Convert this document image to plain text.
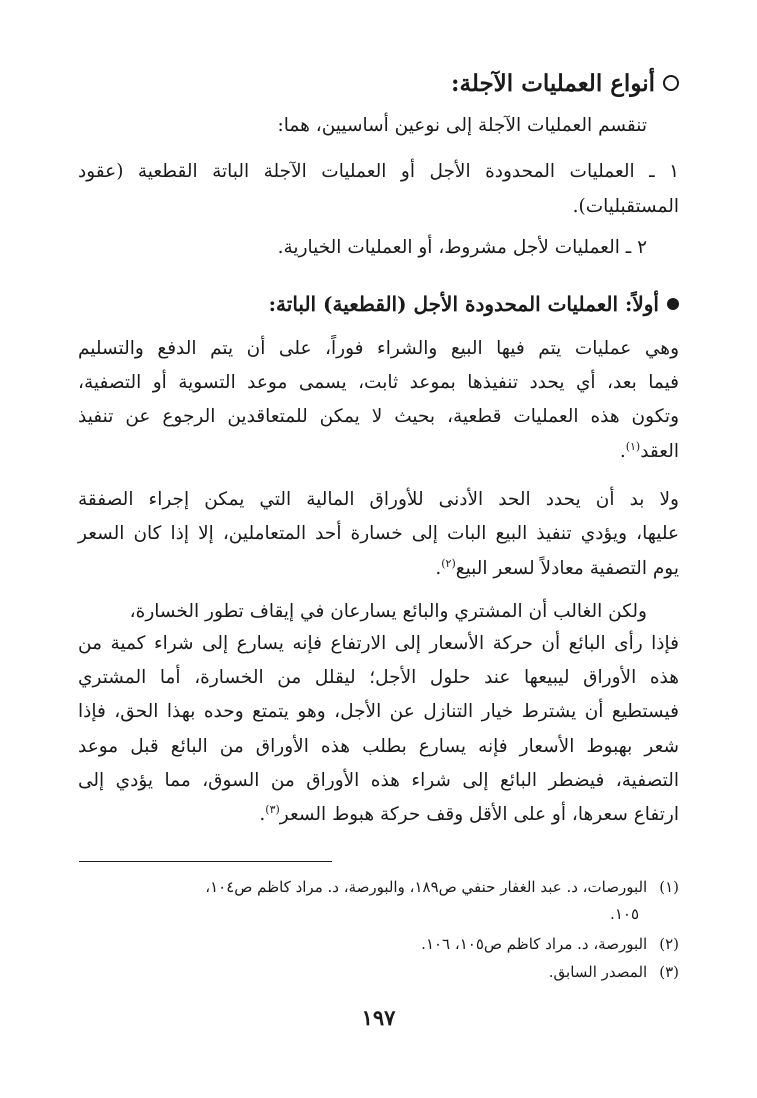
أنواع العمليات الآجلة:
تنقسم العمليات الآجلة إلى نوعين أساسيين، هما:
١ ـ العمليات المحدودة الأجل أو العمليات الآجلة الباتة القطعية (عقود
المستقبليات).
٢ ـ العمليات لأجل مشروط، أو العمليات الخيارية.
أولاً: العمليات المحدودة الأجل (القطعية) الباتة:
وهي عمليات يتم فيها البيع والشراء فوراً، على أن يتم الدفع والتسليم
فيما بعد، أي يحدد تنفيذها بموعد ثابت، يسمى موعد التسوية أو التصفية،
وتكون هذه العمليات قطعية، بحيث لا يمكن للمتعاقدين الرجوع عن تنفيذ
العقد$^{(١)}$.
ولا بد أن يحدد الحد الأدنى للأوراق المالية التي يمكن إجراء الصفقة
عليها، ويؤدي تنفيذ البيع البات إلى خسارة أحد المتعاملين، إلا إذا كان السعر
يوم التصفية معادلاً لسعر البيع$^{(٢)}$.
ولكن الغالب أن المشتري والبائع يسارعان في إيقاف تطور الخسارة،
فإذا رأى البائع أن حركة الأسعار إلى الارتفاع فإنه يسارع إلى شراء كمية من
هذه الأوراق ليبيعها عند حلول الأجل؛ ليقلل من الخسارة، أما المشتري
فيستطيع أن يشترط خيار التنازل عن الأجل، وهو يتمتع وحده بهذا الحق، فإذا
شعر بهبوط الأسعار فإنه يسارع بطلب هذه الأوراق من البائع قبل موعد
التصفية، فيضطر البائع إلى شراء هذه الأوراق من السوق، مما يؤدي إلى
ارتفاع سعرها، أو على الأقل وقف حركة هبوط السعر$^{(٣)}$.
(١)البورصات، د. عبد الغفار حنفي ص١٨٩، والبورصة، د. مراد كاظم ص١٠٤،
١٠٥.
(٢)البورصة، د. مراد كاظم ص١٠٥، ١٠٦.
(٣)المصدر السابق.
١٩٧
